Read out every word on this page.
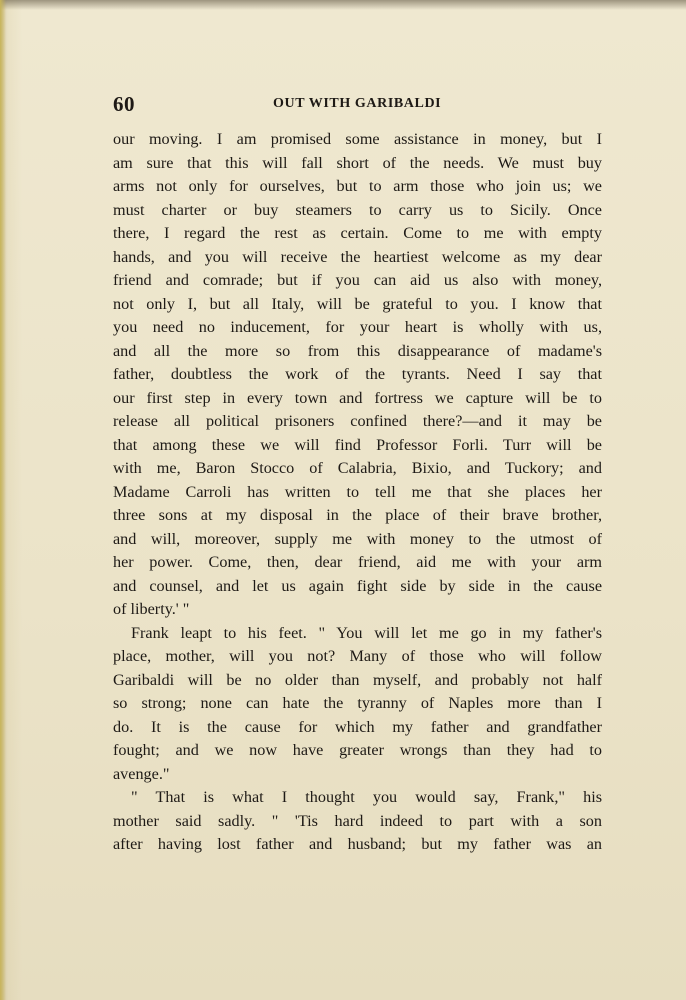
60	OUT WITH GARIBALDI
our moving. I am promised some assistance in money, but I
am sure that this will fall short of the needs. We must buy
arms not only for ourselves, but to arm those who join us; we
must charter or buy steamers to carry us to Sicily. Once
there, I regard the rest as certain. Come to me with empty
hands, and you will receive the heartiest welcome as my dear
friend and comrade; but if you can aid us also with money,
not only I, but all Italy, will be grateful to you. I know that
you need no inducement, for your heart is wholly with us,
and all the more so from this disappearance of madame's
father, doubtless the work of the tyrants. Need I say that
our first step in every town and fortress we capture will be to
release all political prisoners confined there?—and it may be
that among these we will find Professor Forli. Turr will be
with me, Baron Stocco of Calabria, Bixio, and Tuckory; and
Madame Carroli has written to tell me that she places her
three sons at my disposal in the place of their brave brother,
and will, moreover, supply me with money to the utmost of
her power. Come, then, dear friend, aid me with your arm
and counsel, and let us again fight side by side in the cause
of liberty.' "
Frank leapt to his feet. " You will let me go in my father's
place, mother, will you not? Many of those who will follow
Garibaldi will be no older than myself, and probably not half
so strong; none can hate the tyranny of Naples more than I
do. It is the cause for which my father and grandfather
fought; and we now have greater wrongs than they had to
avenge."
" That is what I thought you would say, Frank," his
mother said sadly. " 'Tis hard indeed to part with a son
after having lost father and husband; but my father was an
